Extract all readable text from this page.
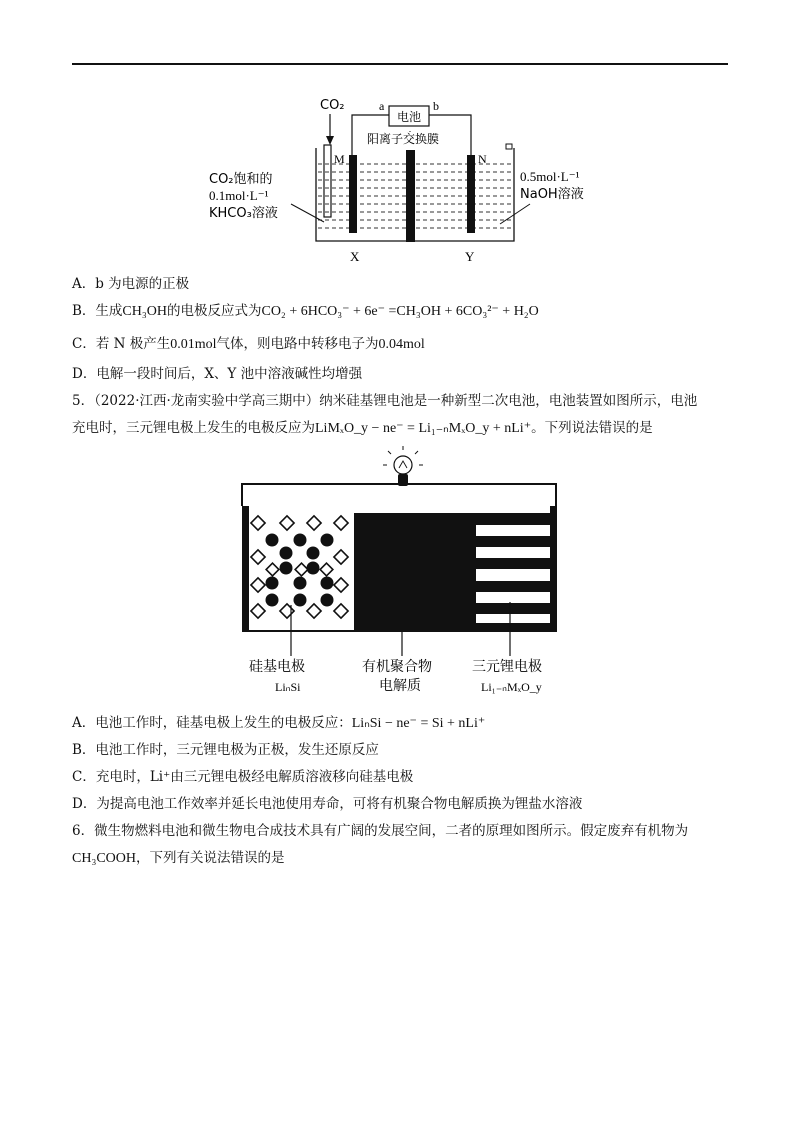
CO₂
电池
a	b
阳离子交换膜
M	N
CO₂饱和的
0.1mol·L⁻¹
KHCO₃溶液
0.5mol·L⁻¹
NaOH溶液
X	Y
A．b 为电源的正极
B．生成CH₃OH的电极反应式为CO₂ + 6HCO₃⁻ + 6e⁻ =CH₃OH + 6CO₃²⁻ + H₂O
C．若 N 极产生0.01mol气体，则电路中转移电子为0.04mol
D．电解一段时间后，X、Y 池中溶液碱性均增强
5．（2022·江西·龙南实验中学高三期中）纳米硅基锂电池是一种新型二次电池，电池装置如图所示，电池
充电时，三元锂电极上发生的电极反应为LiMₓO_y − ne⁻ = Li₁₋ₙMₓO_y + nLi⁺。下列说法错误的是
硅基电极
LiₙSi
有机聚合物
电解质
三元锂电极
Li₁₋ₙMₓO_y
A．电池工作时，硅基电极上发生的电极反应：LiₙSi − ne⁻ = Si + nLi⁺
B．电池工作时，三元锂电极为正极，发生还原反应
C．充电时，Li⁺由三元锂电极经电解质溶液移向硅基电极
D．为提高电池工作效率并延长电池使用寿命，可将有机聚合物电解质换为锂盐水溶液
6．微生物燃料电池和微生物电合成技术具有广阔的发展空间，二者的原理如图所示。假定废弃有机物为
CH₃COOH，下列有关说法错误的是
